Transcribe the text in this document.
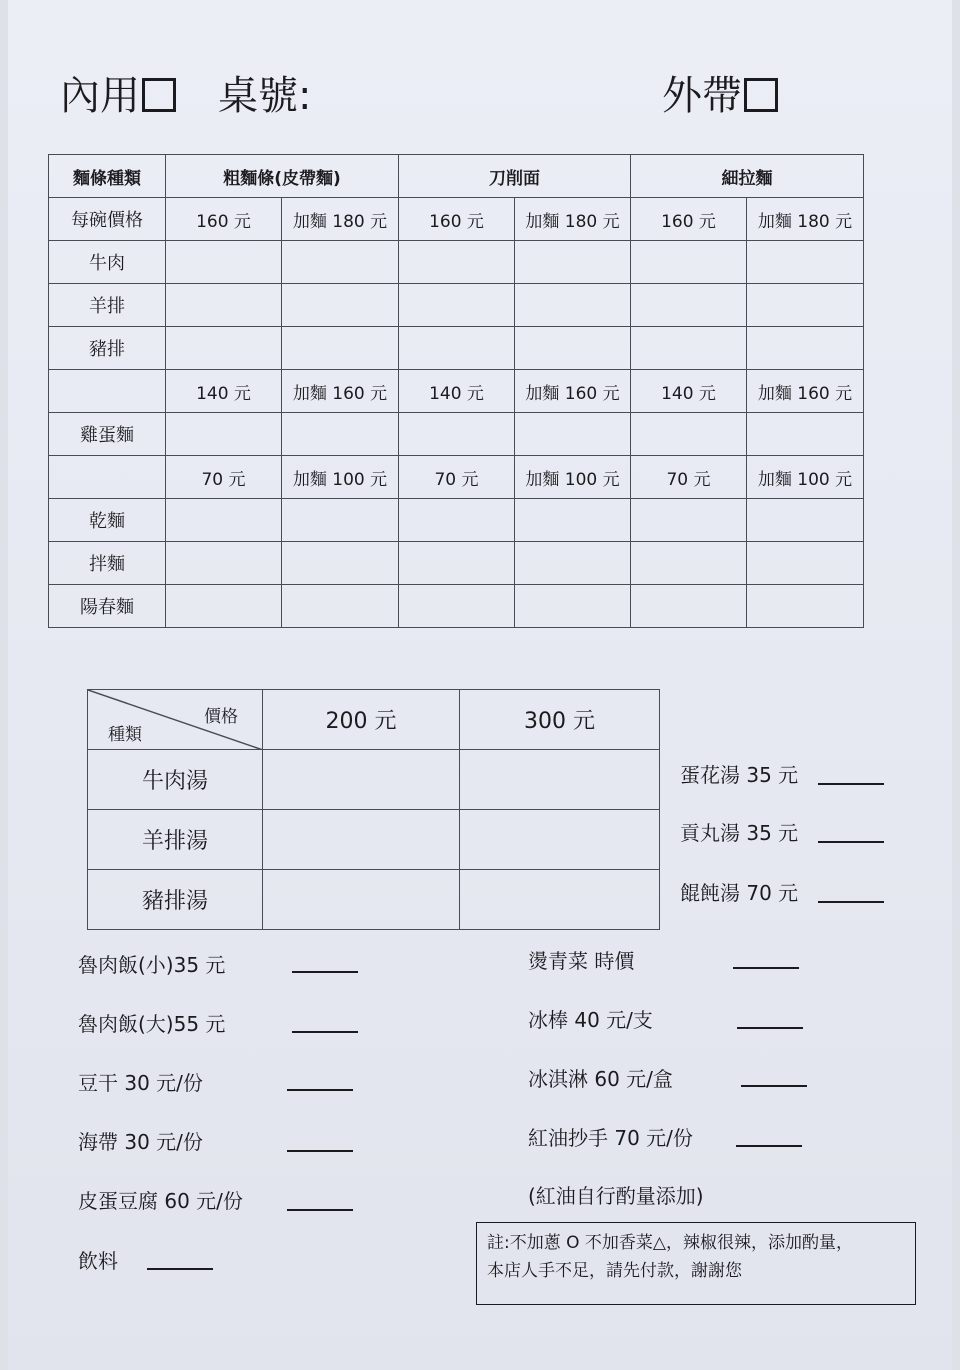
內用	桌號:	外帶
麵條種類	粗麵條(皮帶麵)		刀削面		細拉麵	
每碗價格	160 元	加麵 180 元	160 元	加麵 180 元	160 元	加麵 180 元
牛肉						
羊排						
豬排						
	140 元	加麵 160 元	140 元	加麵 160 元	140 元	加麵 160 元
雞蛋麵						
	70 元	加麵 100 元	70 元	加麵 100 元	70 元	加麵 100 元
乾麵						
拌麵						
陽春麵						
價格
種類	200 元	300 元
牛肉湯		
羊排湯		
豬排湯		
蛋花湯 35 元
貢丸湯 35 元
餛飩湯 70 元
魯肉飯(小)35 元
魯肉飯(大)55 元
豆干 30 元/份
海帶 30 元/份
皮蛋豆腐 60 元/份
飲料
燙青菜 時價
冰棒 40 元/支
冰淇淋 60 元/盒
紅油抄手 70 元/份
(紅油自行酌量添加)
註:不加蔥 O 不加香菜△，辣椒很辣，添加酌量，
本店人手不足，請先付款，謝謝您
